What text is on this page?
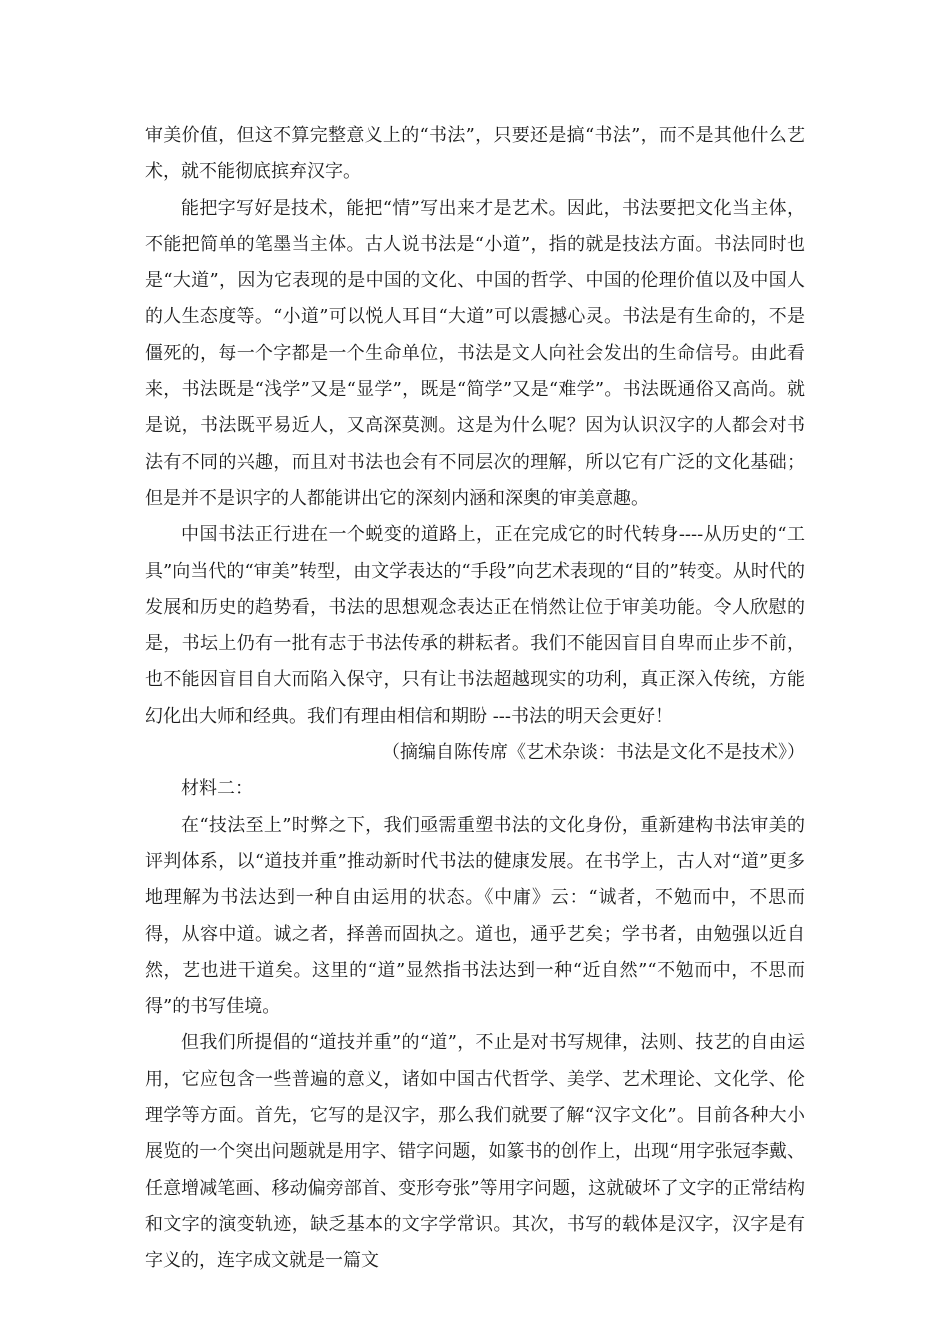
审美价值，但这不算完整意义上的“书法”，只要还是搞“书法”，而不是其他什么艺术，就不能彻底摈弃汉字。

能把字写好是技术，能把“情”写出来才是艺术。因此，书法要把文化当主体，不能把简单的笔墨当主体。古人说书法是“小道”，指的就是技法方面。书法同时也是“大道”，因为它表现的是中国的文化、中国的哲学、中国的伦理价值以及中国人的人生态度等。“小道”可以悦人耳目“大道”可以震撼心灵。书法是有生命的，不是僵死的，每一个字都是一个生命单位，书法是文人向社会发出的生命信号。由此看来，书法既是“浅学”又是“显学”，既是“简学”又是“难学”。书法既通俗又高尚。就是说，书法既平易近人，又高深莫测。这是为什么呢？因为认识汉字的人都会对书法有不同的兴趣，而且对书法也会有不同层次的理解，所以它有广泛的文化基础；但是并不是识字的人都能讲出它的深刻内涵和深奥的审美意趣。

中国书法正行进在一个蜕变的道路上，正在完成它的时代转身----从历史的“工具”向当代的“审美”转型，由文学表达的“手段”向艺术表现的“目的”转变。从时代的发展和历史的趋势看，书法的思想观念表达正在悄然让位于审美功能。令人欣慰的是，书坛上仍有一批有志于书法传承的耕耘者。我们不能因盲目自卑而止步不前，也不能因盲目自大而陷入保守，只有让书法超越现实的功利，真正深入传统，方能幻化出大师和经典。我们有理由相信和期盼 ---书法的明天会更好！

（摘编自陈传席《艺术杂谈：书法是文化不是技术》）

材料二：

在“技法至上”时弊之下，我们亟需重塑书法的文化身份，重新建构书法审美的评判体系，以“道技并重”推动新时代书法的健康发展。在书学上，古人对“道”更多地理解为书法达到一种自由运用的状态。《中庸》云：“诚者，不勉而中，不思而得，从容中道。诚之者，择善而固执之。道也，通乎艺矣；学书者，由勉强以近自然，艺也进干道矣。这里的“道”显然指书法达到一种“近自然”“不勉而中，不思而得”的书写佳境。

但我们所提倡的“道技并重”的“道”，不止是对书写规律，法则、技艺的自由运用，它应包含一些普遍的意义，诸如中国古代哲学、美学、艺术理论、文化学、伦理学等方面。首先，它写的是汉字，那么我们就要了解“汉字文化”。目前各种大小展览的一个突出问题就是用字、错字问题，如篆书的创作上，出现“用字张冠李戴、任意增减笔画、移动偏旁部首、变形夸张”等用字问题，这就破坏了文字的正常结构和文字的演变轨迹，缺乏基本的文字学常识。其次，书写的载体是汉字，汉字是有字义的，连字成文就是一篇文
